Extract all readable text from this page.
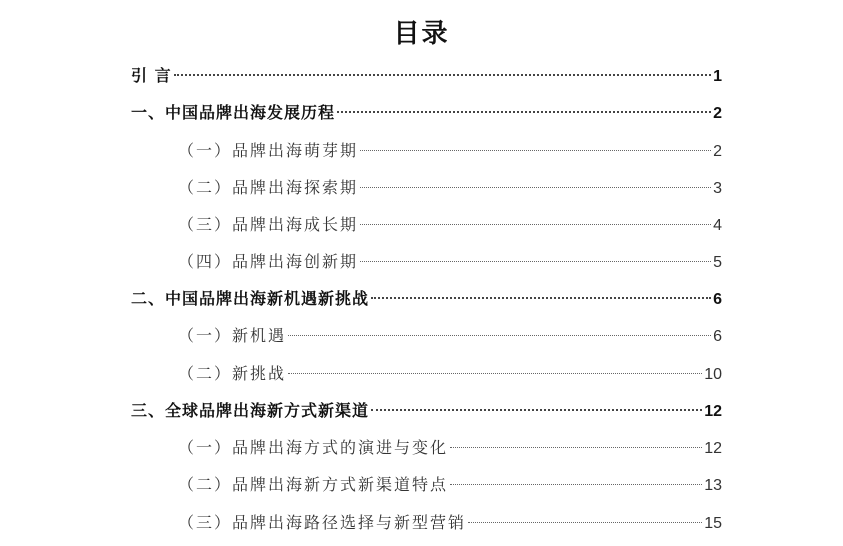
目录
引 言	1
一、中国品牌出海发展历程	2
（一）品牌出海萌芽期	2
（二）品牌出海探索期	3
（三）品牌出海成长期	4
（四）品牌出海创新期	5
二、中国品牌出海新机遇新挑战	6
（一）新机遇	6
（二）新挑战	10
三、全球品牌出海新方式新渠道	12
（一）品牌出海方式的演进与变化	12
（二）品牌出海新方式新渠道特点	13
（三）品牌出海路径选择与新型营销	15
